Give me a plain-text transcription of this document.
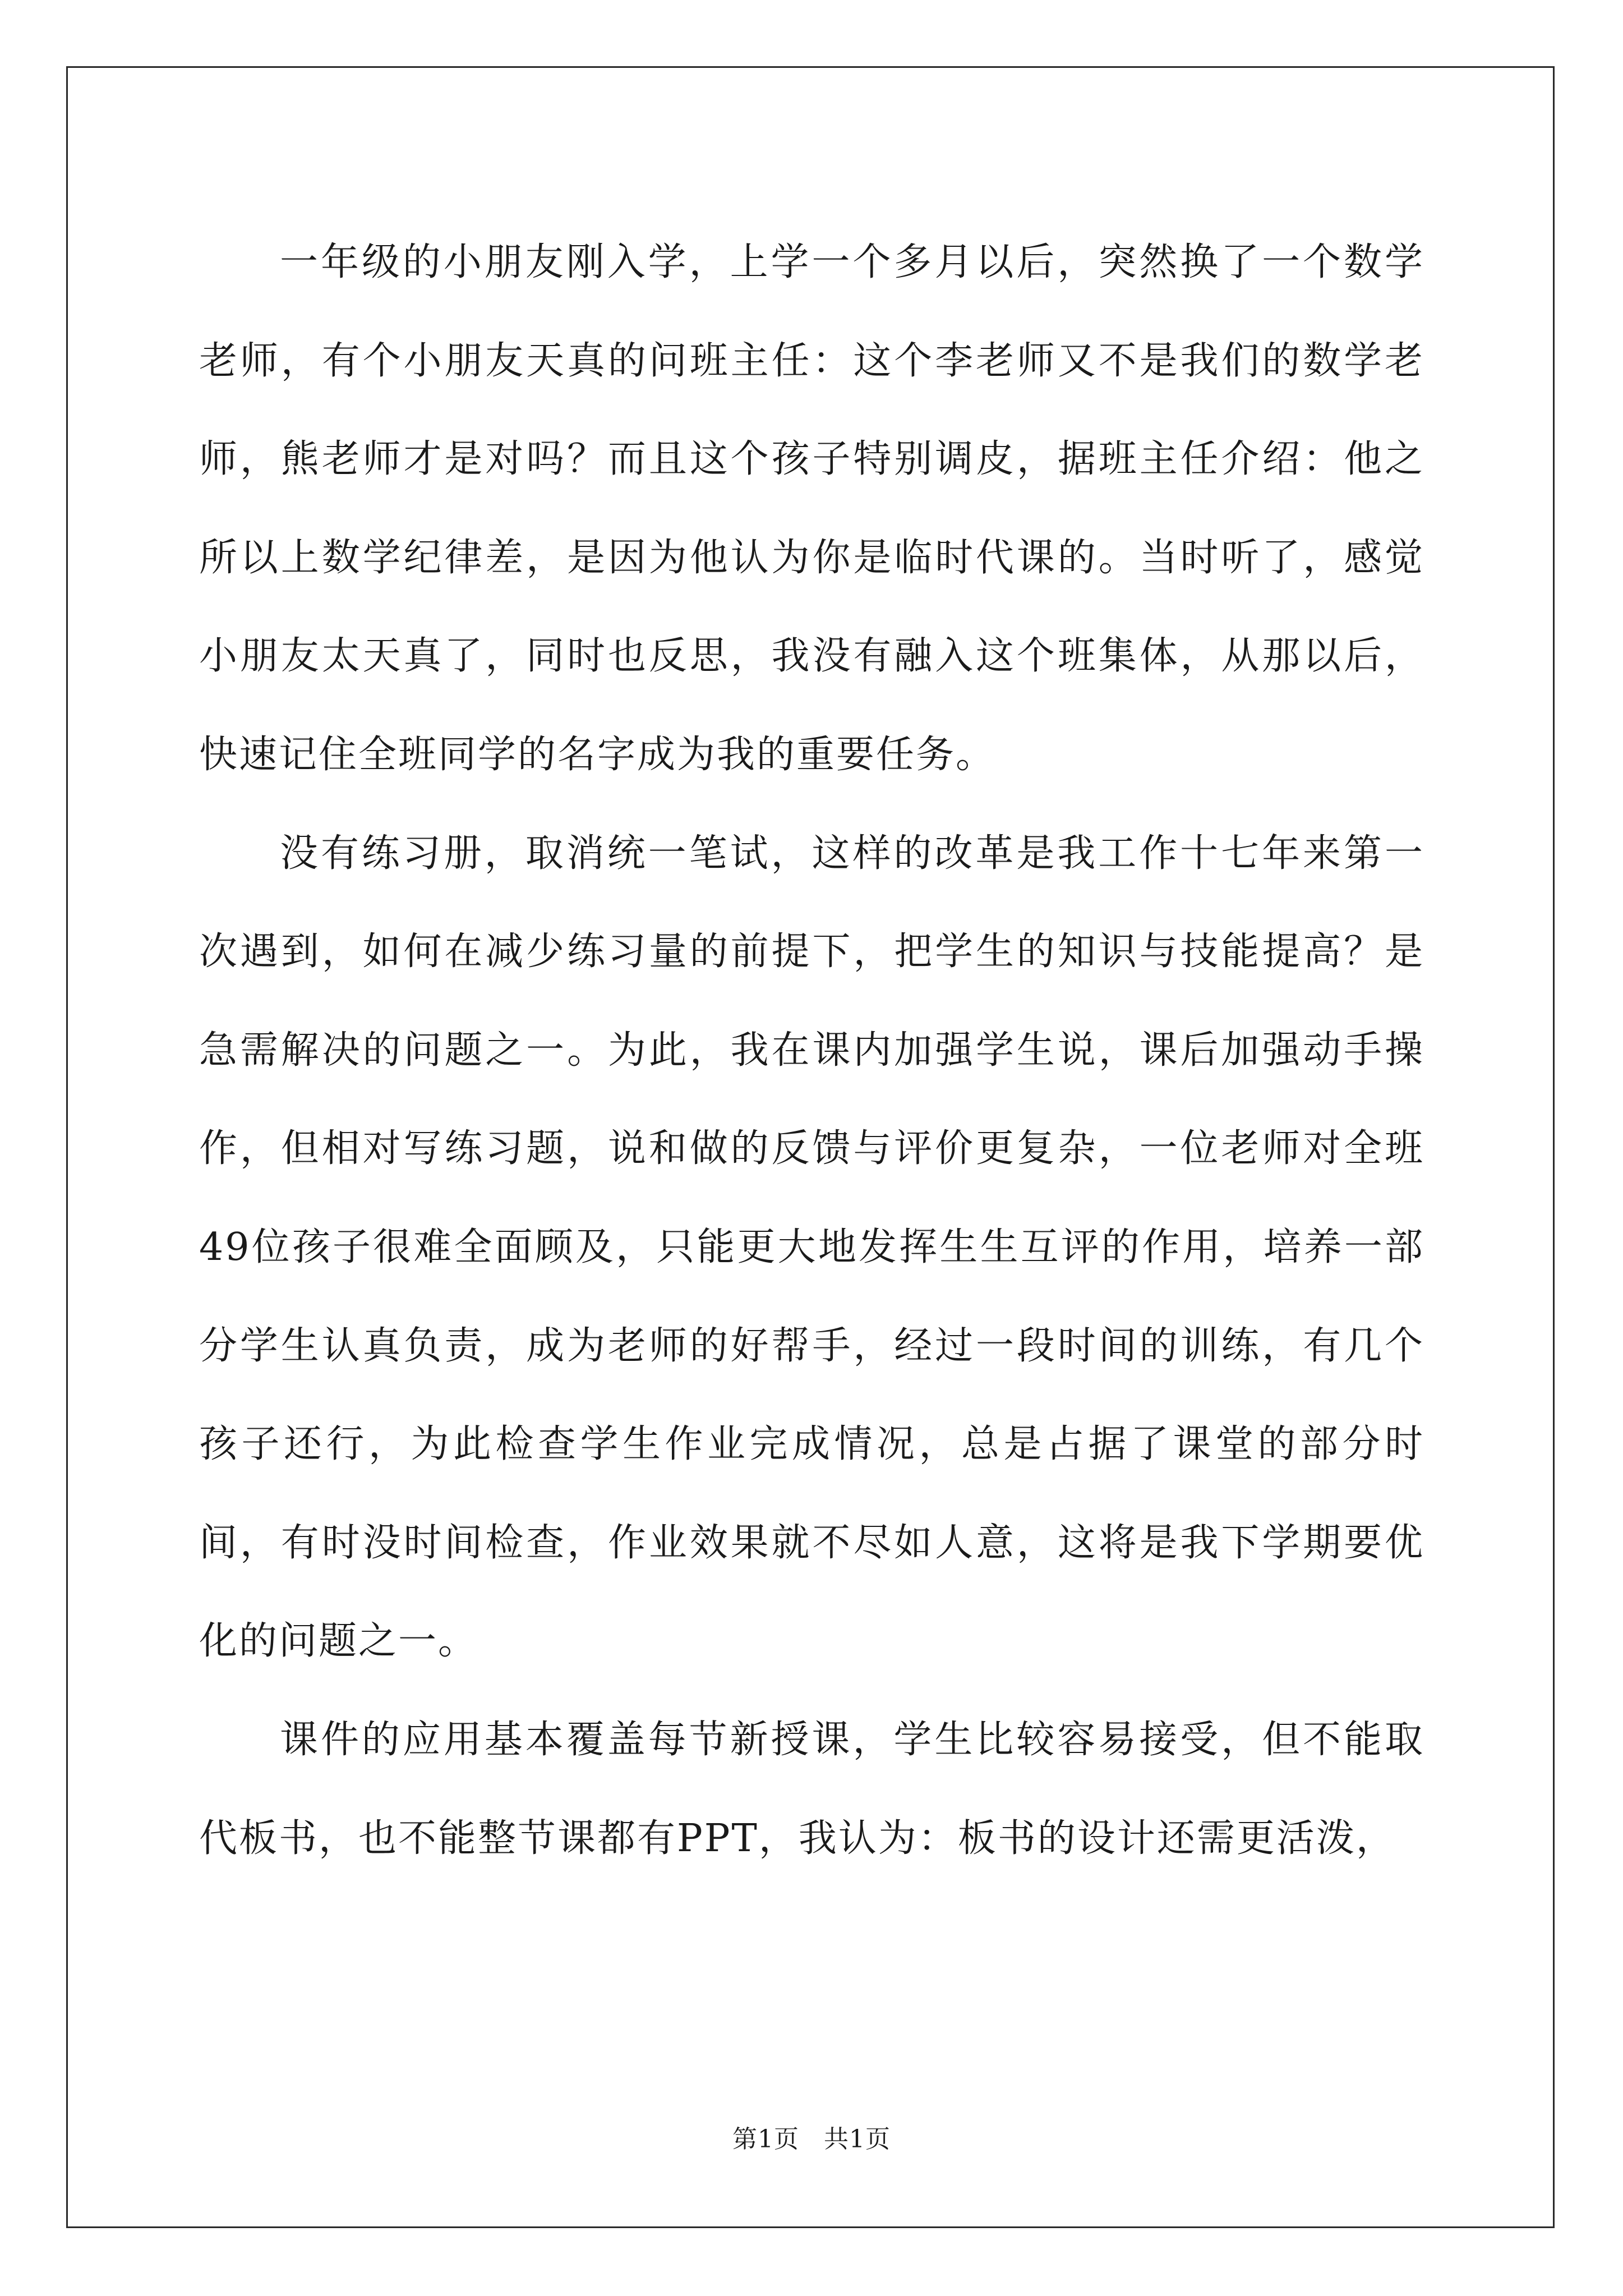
一年级的小朋友刚入学，上学一个多月以后，突然换了一个数学老师，有个小朋友天真的问班主任：这个李老师又不是我们的数学老师，熊老师才是对吗？而且这个孩子特别调皮，据班主任介绍：他之所以上数学纪律差，是因为他认为你是临时代课的。当时听了，感觉小朋友太天真了，同时也反思，我没有融入这个班集体，从那以后，快速记住全班同学的名字成为我的重要任务。

没有练习册，取消统一笔试，这样的改革是我工作十七年来第一次遇到，如何在减少练习量的前提下，把学生的知识与技能提高？是急需解决的问题之一。为此，我在课内加强学生说，课后加强动手操作，但相对写练习题，说和做的反馈与评价更复杂，一位老师对全班49位孩子很难全面顾及，只能更大地发挥生生互评的作用，培养一部分学生认真负责，成为老师的好帮手，经过一段时间的训练，有几个孩子还行，为此检查学生作业完成情况，总是占据了课堂的部分时间，有时没时间检查，作业效果就不尽如人意，这将是我下学期要优化的问题之一。

课件的应用基本覆盖每节新授课，学生比较容易接受，但不能取代板书，也不能整节课都有PPT，我认为：板书的设计还需更活泼，

第1页 共1页
